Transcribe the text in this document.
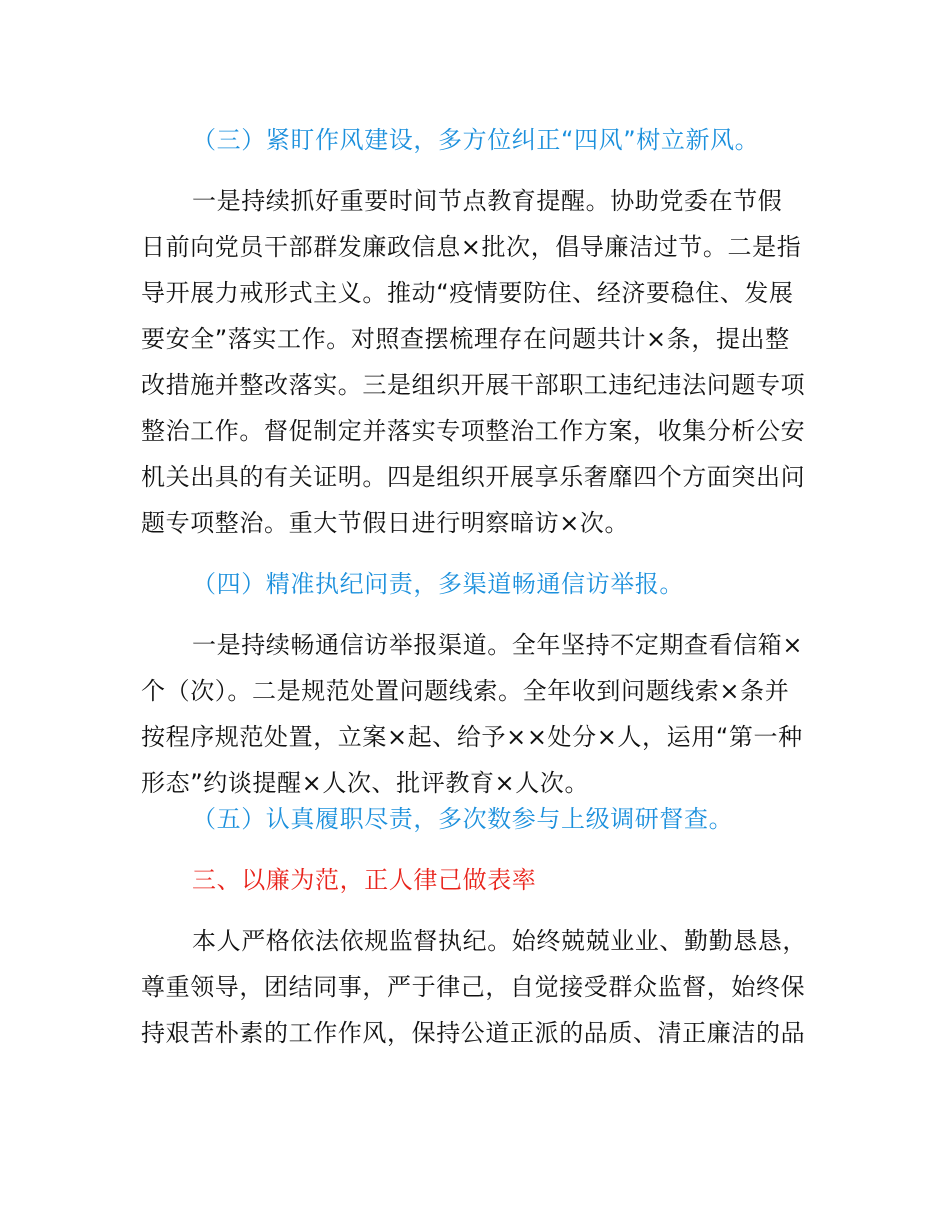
（三）紧盯作风建设，多方位纠正“四风”树立新风。
一是持续抓好重要时间节点教育提醒。协助党委在节假
日前向党员干部群发廉政信息×批次，倡导廉洁过节。二是指
导开展力戒形式主义。推动“疫情要防住、经济要稳住、发展
要安全”落实工作。对照查摆梳理存在问题共计×条，提出整
改措施并整改落实。三是组织开展干部职工违纪违法问题专项
整治工作。督促制定并落实专项整治工作方案，收集分析公安
机关出具的有关证明。四是组织开展享乐奢靡四个方面突出问
题专项整治。重大节假日进行明察暗访×次。
（四）精准执纪问责，多渠道畅通信访举报。
一是持续畅通信访举报渠道。全年坚持不定期查看信箱×
个（次）。二是规范处置问题线索。全年收到问题线索×条并
按程序规范处置，立案×起、给予××处分×人，运用“第一种
形态”约谈提醒×人次、批评教育×人次。
（五）认真履职尽责，多次数参与上级调研督查。
三、以廉为范，正人律己做表率
本人严格依法依规监督执纪。始终兢兢业业、勤勤恳恳，
尊重领导，团结同事，严于律己，自觉接受群众监督，始终保
持艰苦朴素的工作作风，保持公道正派的品质、清正廉洁的品
